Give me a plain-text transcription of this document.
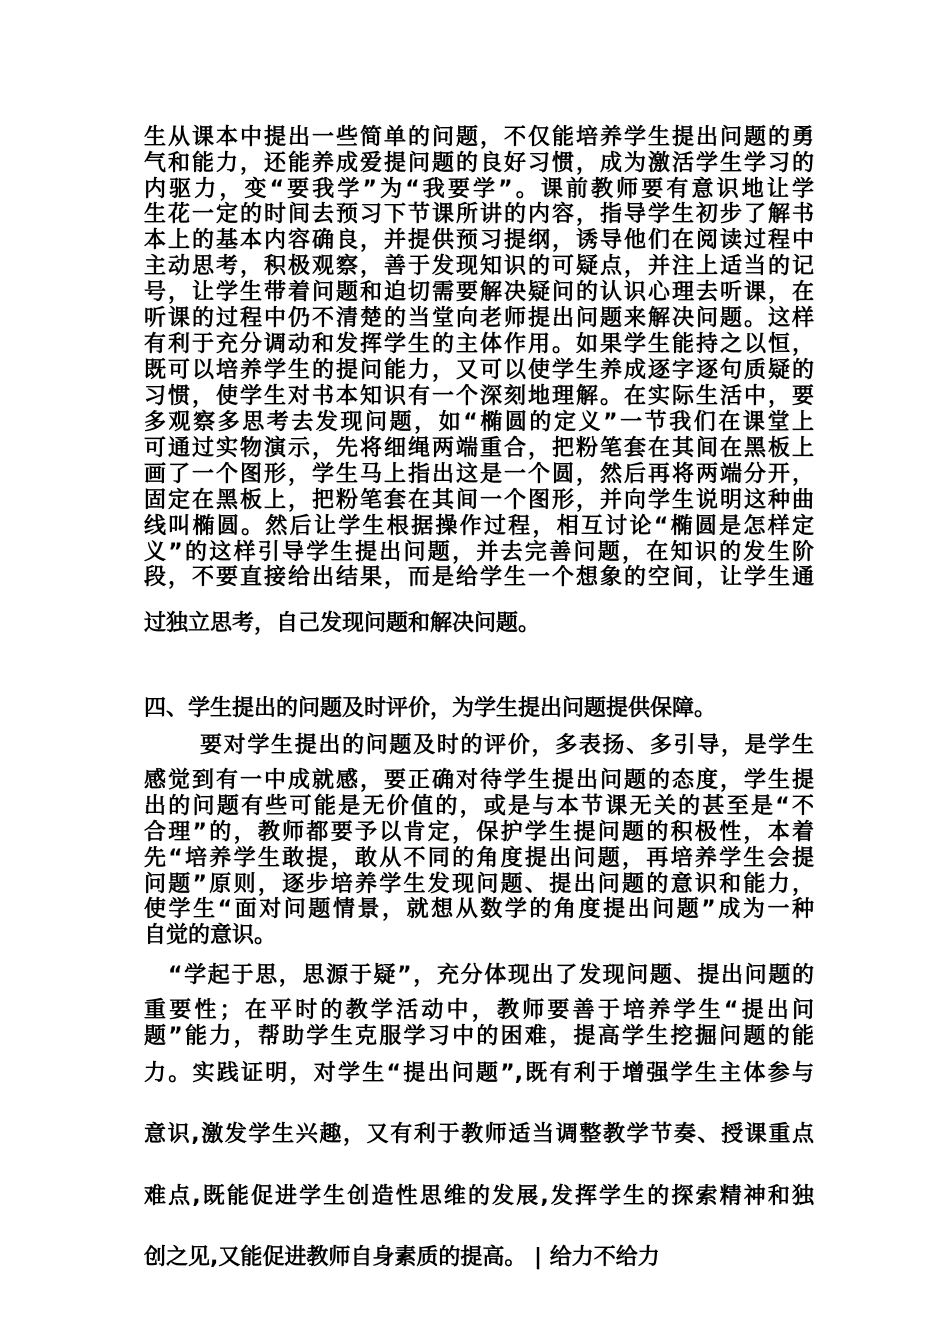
生从课本中提出一些简单的问题，不仅能培养学生提出问题的勇
气和能力，还能养成爱提问题的良好习惯，成为激活学生学习的
内驱力，变“要我学”为“我要学”。课前教师要有意识地让学
生花一定的时间去预习下节课所讲的内容，指导学生初步了解书
本上的基本内容确良，并提供预习提纲，诱导他们在阅读过程中
主动思考，积极观察，善于发现知识的可疑点，并注上适当的记
号，让学生带着问题和迫切需要解决疑问的认识心理去听课，在
听课的过程中仍不清楚的当堂向老师提出问题来解决问题。这样
有利于充分调动和发挥学生的主体作用。如果学生能持之以恒，
既可以培养学生的提问能力，又可以使学生养成逐字逐句质疑的
习惯，使学生对书本知识有一个深刻地理解。在实际生活中，要
多观察多思考去发现问题，如“椭圆的定义”一节我们在课堂上
可通过实物演示，先将细绳两端重合，把粉笔套在其间在黑板上
画了一个图形，学生马上指出这是一个圆，然后再将两端分开，
固定在黑板上，把粉笔套在其间一个图形，并向学生说明这种曲
线叫椭圆。然后让学生根据操作过程，相互讨论“椭圆是怎样定
义”的这样引导学生提出问题，并去完善问题，在知识的发生阶
段，不要直接给出结果，而是给学生一个想象的空间，让学生通
过独立思考，自己发现问题和解决问题。
四、学生提出的问题及时评价，为学生提出问题提供保障。
要对学生提出的问题及时的评价，多表扬、多引导，是学生
感觉到有一中成就感，要正确对待学生提出问题的态度，学生提
出的问题有些可能是无价值的，或是与本节课无关的甚至是“不
合理”的，教师都要予以肯定，保护学生提问题的积极性，本着
先“培养学生敢提，敢从不同的角度提出问题，再培养学生会提
问题”原则，逐步培养学生发现问题、提出问题的意识和能力，
使学生“面对问题情景，就想从数学的角度提出问题”成为一种
自觉的意识。
“学起于思，思源于疑”，充分体现出了发现问题、提出问题的
重要性；在平时的教学活动中，教师要善于培养学生“提出问
题”能力，帮助学生克服学习中的困难，提高学生挖掘问题的能
力。实践证明，对学生“提出问题”,既有利于增强学生主体参与
意识,激发学生兴趣，又有利于教师适当调整教学节奏、授课重点
难点,既能促进学生创造性思维的发展,发挥学生的探索精神和独
创之见,又能促进教师自身素质的提高。 | 给力不给力
